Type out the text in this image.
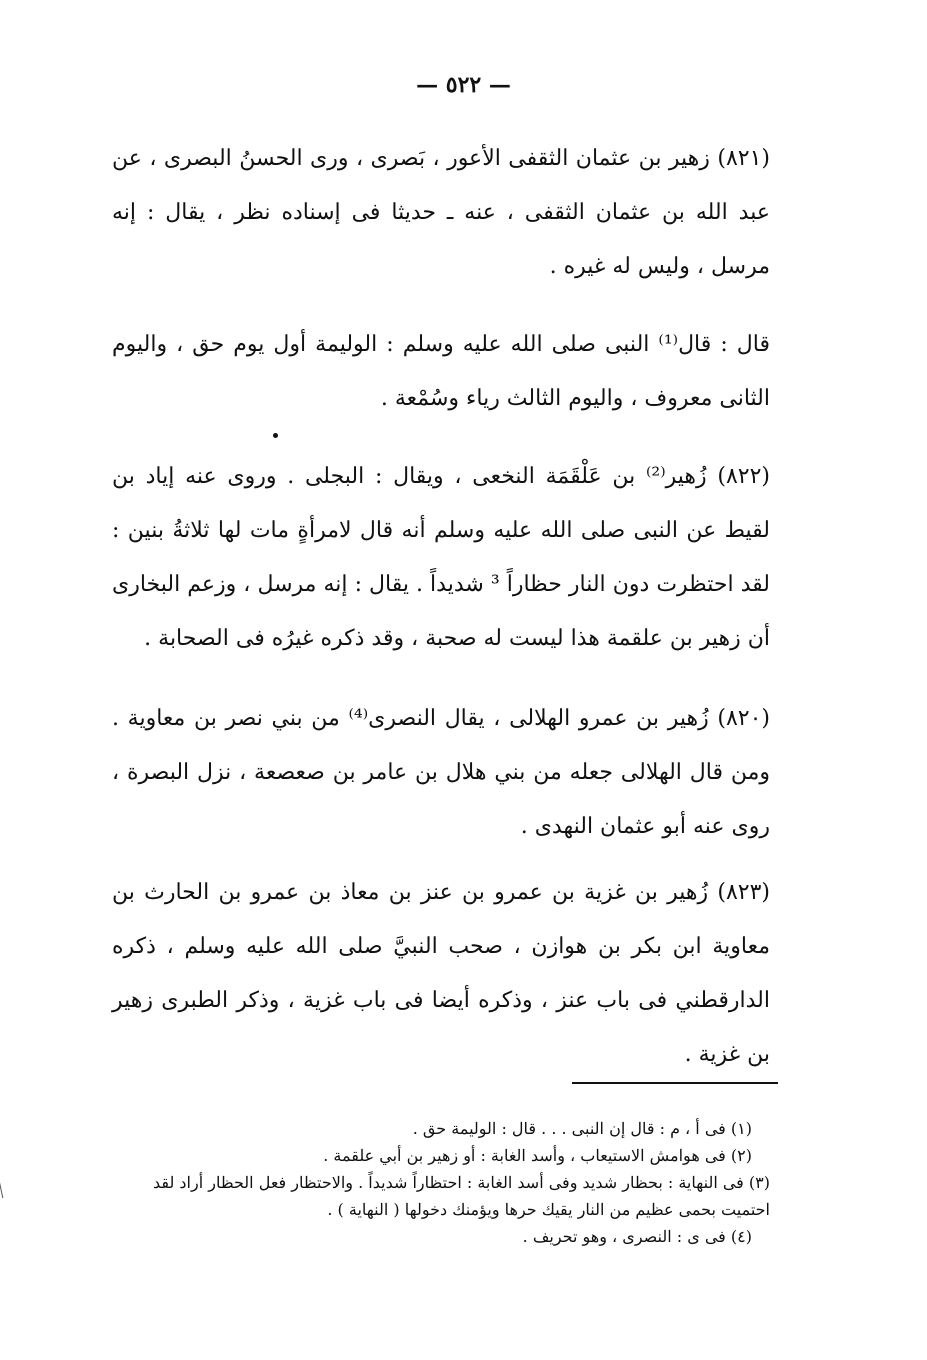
— ٥٢٢ —

(٨٢١) زهير بن عثمان الثقفى الأعور ، بَصرى ، ورى الحسنُ البصرى ، عن عبد الله بن عثمان الثقفى ، عنه ـ حديثا فى إسناده نظر ، يقال : إنه مرسل ، وليس له غيره .

قال : قال⁽¹⁾ النبى صلى الله عليه وسلم : الوليمة أول يوم حق ، واليوم الثانى معروف ، واليوم الثالث رياء وسُمْعة .

(٨٢٢) زُهير⁽²⁾ بن عَلْقَمَة النخعى ، ويقال : البجلى . وروى عنه إياد بن لقيط عن النبى صلى الله عليه وسلم أنه قال لامرأةٍ مات لها ثلاثةُ بنين : لقد احتظرت دون النار حظاراً ³ شديداً . يقال : إنه مرسل ، وزعم البخارى أن زهير بن علقمة هذا ليست له صحبة ، وقد ذكره غيرُه فى الصحابة .

(٨٢٠) زُهير بن عمرو الهلالى ، يقال النصرى⁽⁴⁾ من بني نصر بن معاوية . ومن قال الهلالى جعله من بني هلال بن عامر بن صعصعة ، نزل البصرة ، روى عنه أبو عثمان النهدى .

(٨٢٣) زُهير بن غزية بن عمرو بن عنز بن معاذ بن عمرو بن الحارث بن معاوية ابن بكر بن هوازن ، صحب النبيَّ صلى الله عليه وسلم ، ذكره الدارقطني فى باب عنز ، وذكره أيضا فى باب غزية ، وذكر الطبرى زهير بن غزية .

(١) فى أ ، م : قال إن النبى . . . قال : الوليمة حق .

(٢) فى هوامش الاستيعاب ، وأسد الغابة : أو زهير بن أبي علقمة .

(٣) فى النهاية : بحظار شديد وفى أسد الغابة : احتظاراً شديداً . والاحتظار فعل الحظار أراد لقد احتميت بحمى عظيم من النار يقيك حرها ويؤمنك دخولها ( النهاية ) .

(٤) فى ى : النصرى ، وهو تحريف .
